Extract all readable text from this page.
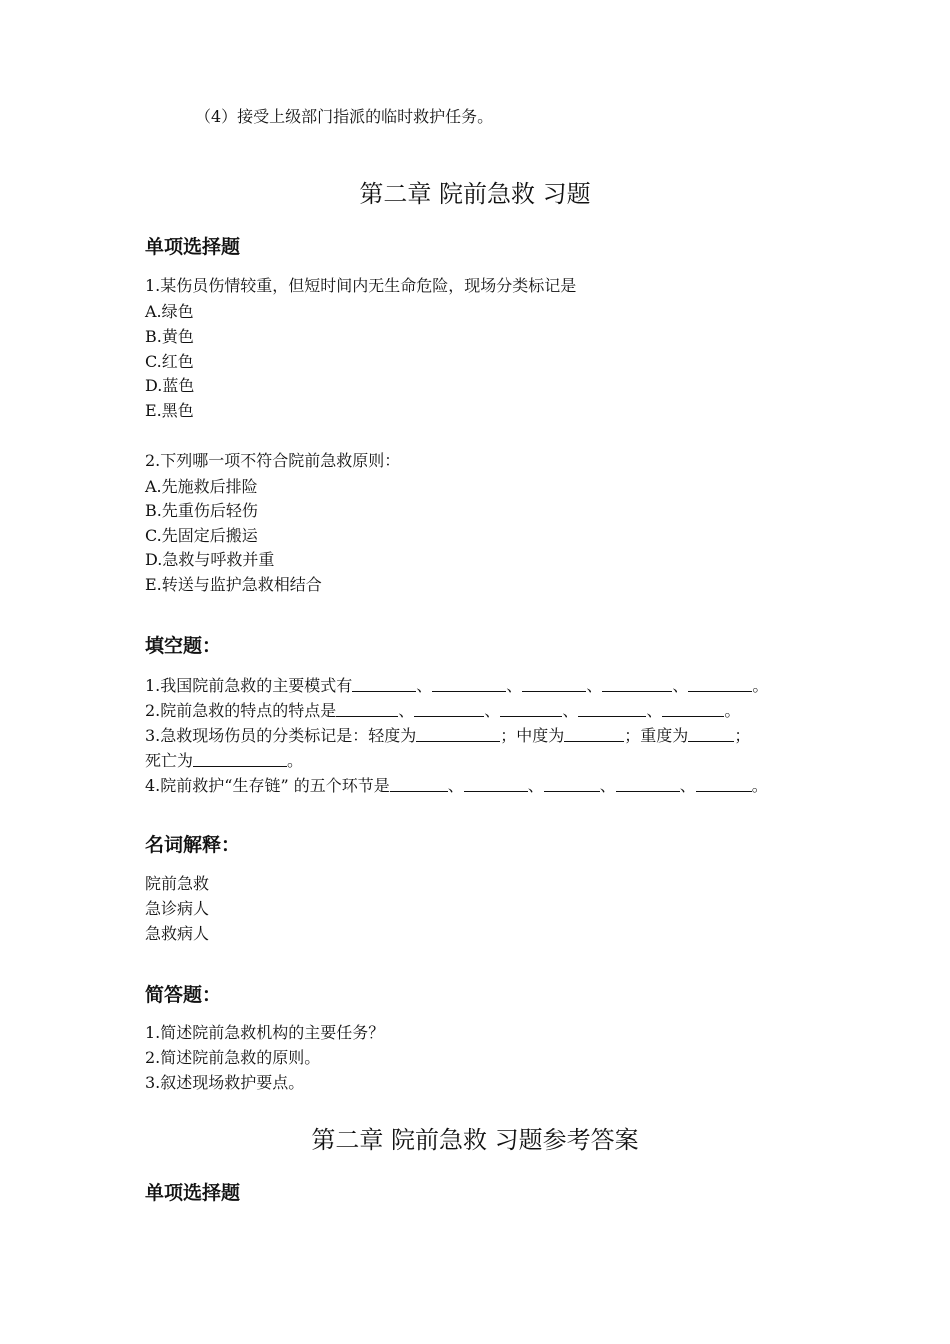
（4）接受上级部门指派的临时救护任务。
第二章 院前急救 习题
单项选择题
1.某伤员伤情较重，但短时间内无生命危险，现场分类标记是
A.绿色
B.黄色
C.红色
D.蓝色
E.黑色
2.下列哪一项不符合院前急救原则：
A.先施救后排险
B.先重伤后轻伤
C.先固定后搬运
D.急救与呼救并重
E.转送与监护急救相结合
填空题：
1.我国院前急救的主要模式有	、	、	、	、	。
2.院前急救的特点的特点是	、	、	、	、	。
3.急救现场伤员的分类标记是：轻度为	；中度为	；重度为	；
死亡为	。
4.院前救护“生存链” 的五个环节是	、	、	、	、	。
名词解释：
院前急救
急诊病人
急救病人
简答题：
1.简述院前急救机构的主要任务？
2.简述院前急救的原则。
3.叙述现场救护要点。
第二章 院前急救 习题参考答案
单项选择题
